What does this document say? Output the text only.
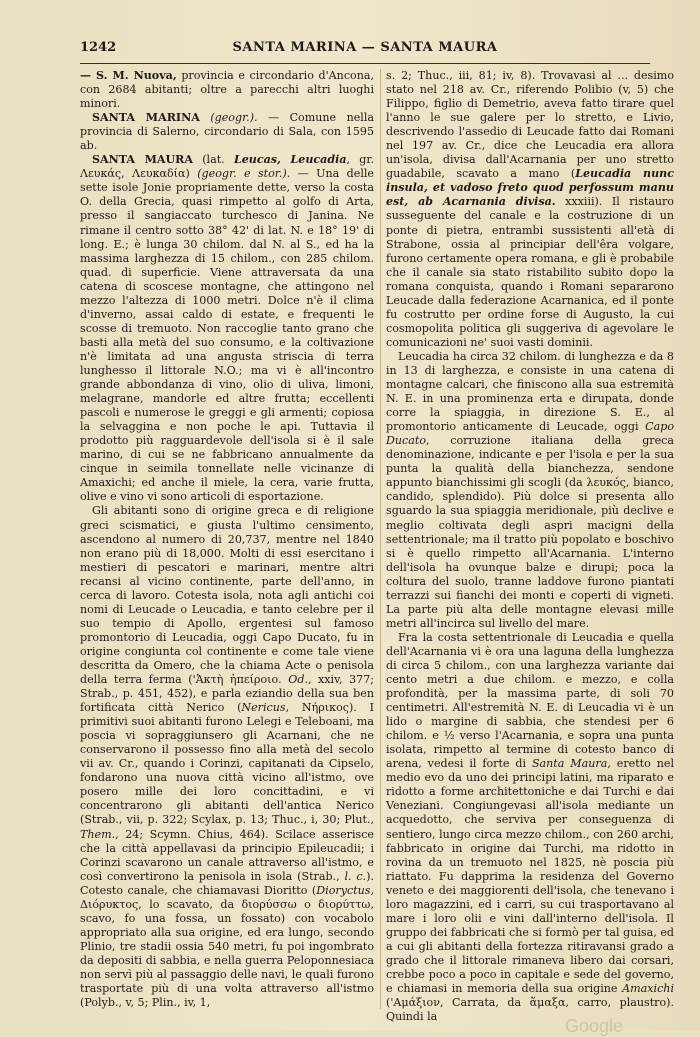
1242	SANTA MARINA — SANTA MAURA

— S. M. Nuova, provincia e circondario d'Ancona, con 2684 abitanti; oltre a parecchi altri luoghi minori.

SANTA MARINA (geogr.). — Comune nella provincia di Salerno, circondario di Sala, con 1595 ab.

SANTA MAURA (lat. Leucas, Leucadia, gr. Λευκάς, Λευκαδία) (geogr. e stor.). — Una delle sette isole Jonie propriamente dette, verso la costa O. della Grecia, quasi rimpetto al golfo di Arta, presso il sangiaccato turchesco di Janina. Ne rimane il centro sotto 38° 42' di lat. N. e 18° 19' di long. E.; è lunga 30 chilom. dal N. al S., ed ha la massima larghezza di 15 chilom., con 285 chilom. quad. di superficie. Viene attraversata da una catena di scoscese montagne, che attingono nel mezzo l'altezza di 1000 metri. Dolce n'è il clima d'inverno, assai caldo di estate, e frequenti le scosse di tremuoto. Non raccoglie tanto grano che basti alla metà del suo consumo, e la coltivazione n'è limitata ad una angusta striscia di terra lunghesso il littorale N.O.; ma vi è all'incontro grande abbondanza di vino, olio di uliva, limoni, melagrane, mandorle ed altre frutta; eccellenti pascoli e numerose le greggi e gli armenti; copiosa la selvaggina e non poche le api. Tuttavia il prodotto più ragguardevole dell'isola si è il sale marino, di cui se ne fabbricano annualmente da cinque in seimila tonnellate nelle vicinanze di Amaxichi; ed anche il miele, la cera, varie frutta, olive e vino vi sono articoli di esportazione.

Gli abitanti sono di origine greca e di religione greci scismatici, e giusta l'ultimo censimento, ascendono al numero di 20,737, mentre nel 1840 non erano più di 18,000. Molti di essi esercitano i mestieri di pescatori e marinari, mentre altri recansi al vicino continente, parte dell'anno, in cerca di lavoro. Cotesta isola, nota agli antichi coi nomi di Leucade o Leucadia, e tanto celebre per il suo tempio di Apollo, ergentesi sul famoso promontorio di Leucadia, oggi Capo Ducato, fu in origine congiunta col continente e come tale viene descritta da Omero, che la chiama Acte o penisola della terra ferma ('Ἀκτὴ ἠπείροιο. Od., xxiv, 377; Strab., p. 451, 452), e parla eziandio della sua ben fortificata città Nerico (Nericus, Νήρικος). I primitivi suoi abitanti furono Lelegi e Teleboani, ma poscia vi sopraggiunsero gli Acarnani, che ne conservarono il possesso fino alla metà del secolo vii av. Cr., quando i Corinzi, capitanati da Cipselo, fondarono una nuova città vicino all'istmo, ove posero mille dei loro concittadini, e vi concentrarono gli abitanti dell'antica Nerico (Strab., vii, p. 322; Scylax, p. 13; Thuc., i, 30; Plut., Them., 24; Scymn. Chius, 464). Scilace asserisce che la città appellavasi da principio Epileucadii; i Corinzi scavarono un canale attraverso all'istmo, e così convertirono la penisola in isola (Strab., l. c.). Cotesto canale, che chiamavasi Dioritto (Dioryctus, Διόρυκτος, lo scavato, da διορύσσω o διορύττω, scavo, fo una fossa, un fossato) con vocabolo appropriato alla sua origine, ed era lungo, secondo Plinio, tre stadii ossia 540 metri, fu poi ingombrato da depositi di sabbia, e nella guerra Peloponnesiaca non servì più al passaggio delle navi, le quali furono trasportate più di una volta attraverso all'istmo (Polyb., v, 5; Plin., iv, 1,

s. 2; Thuc., iii, 81; iv, 8). Trovavasi al ... desimo stato nel 218 av. Cr., riferendo Polibio (v, 5) che Filippo, figlio di Demetrio, aveva fatto tirare quel l'anno le sue galere per lo stretto, e Livio, descrivendo l'assedio di Leucade fatto dai Romani nel 197 av. Cr., dice che Leucadia era allora un'isola, divisa dall'Acarnania per uno stretto guadabile, scavato a mano (Leucadia nunc insula, et vadoso freto quod perfossum manu est, ab Acarnania divisa. xxxiii). Il ristauro susseguente del canale e la costruzione di un ponte di pietra, entrambi sussistenti all'età di Strabone, ossia al principiar dell'êra volgare, furono certamente opera romana, e gli è probabile che il canale sia stato ristabilito subito dopo la romana conquista, quando i Romani separarono Leucade dalla federazione Acarnanica, ed il ponte fu costrutto per ordine forse di Augusto, la cui cosmopolita politica gli suggeriva di agevolare le comunicazioni ne' suoi vasti dominii.

Leucadia ha circa 32 chilom. di lunghezza e da 8 in 13 di larghezza, e consiste in una catena di montagne calcari, che finiscono alla sua estremità N. E. in una prominenza erta e dirupata, donde corre la spiaggia, in direzione S. E., al promontorio anticamente di Leucade, oggi Capo Ducato, corruzione italiana della greca denominazione, indicante e per l'isola e per la sua punta la qualità della bianchezza, sendone appunto bianchissimi gli scogli (da λευκός, bianco, candido, splendido). Più dolce si presenta allo sguardo la sua spiaggia meridionale, più declive e meglio coltivata degli aspri macigni della settentrionale; ma il tratto più popolato e boschivo si è quello rimpetto all'Acarnania. L'interno dell'isola ha ovunque balze e dirupi; poca la coltura del suolo, tranne laddove furono piantati terrazzi sui fianchi dei monti e coperti di vigneti. La parte più alta delle montagne elevasi mille metri all'incirca sul livello del mare.

Fra la costa settentrionale di Leucadia e quella dell'Acarnania vi è ora una laguna della lunghezza di circa 5 chilom., con una larghezza variante dai cento metri a due chilom. e mezzo, e colla profondità, per la massima parte, di soli 70 centimetri. All'estremità N. E. di Leucadia vi è un lido o margine di sabbia, che stendesi per 6 chilom. e ½ verso l'Acarnania, e sopra una punta isolata, rimpetto al termine di cotesto banco di arena, vedesi il forte di Santa Maura, eretto nel medio evo da uno dei principi latini, ma riparato e ridotto a forme architettoniche e dai Turchi e dai Veneziani. Congiungevasi all'isola mediante un acquedotto, che serviva per conseguenza di sentiero, lungo circa mezzo chilom., con 260 archi, fabbricato in origine dai Turchi, ma ridotto in rovina da un tremuoto nel 1825, nè poscia più riattato. Fu dapprima la residenza del Governo veneto e dei maggiorenti dell'isola, che tenevano i loro magazzini, ed i carri, su cui trasportavano al mare i loro olii e vini dall'interno dell'isola. Il gruppo dei fabbricati che si formò per tal guisa, ed a cui gli abitanti della fortezza ritiravansi grado a grado che il littorale rimaneva libero dai corsari, crebbe poco a poco in capitale e sede del governo, e chiamasi in memoria della sua origine Amaxichi ('Αμάξιον, Carrata, da ἅμαξα, carro, plaustro). Quindi la	Google
